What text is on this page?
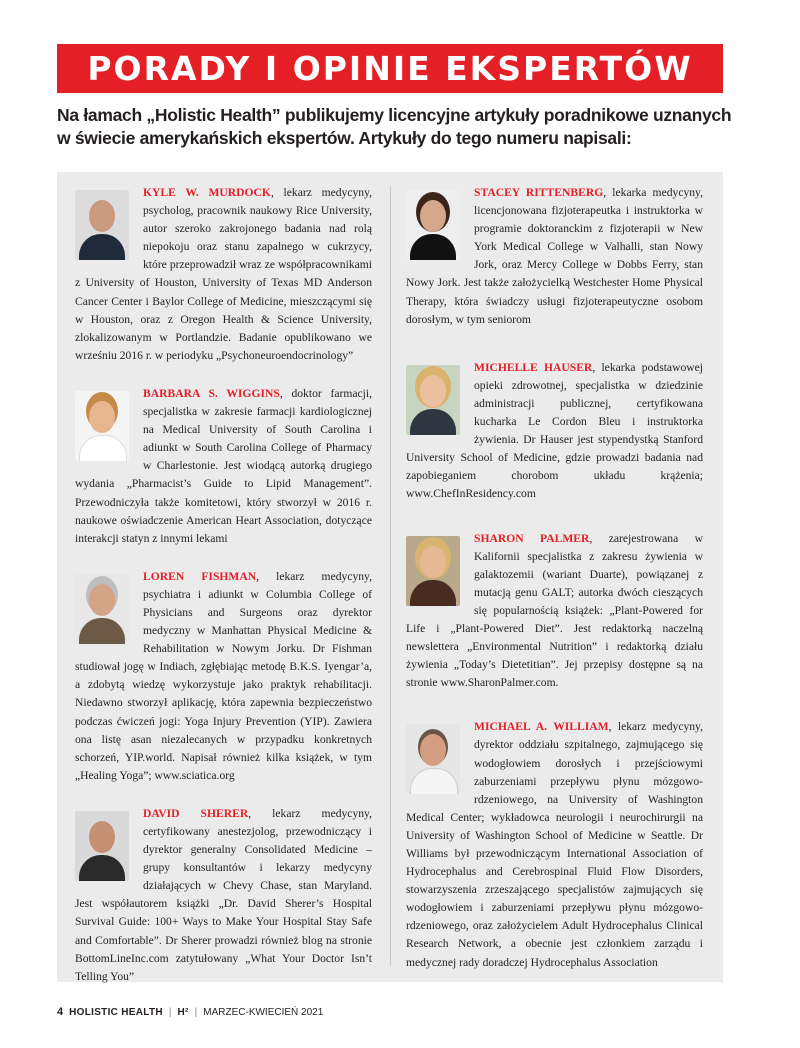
PORADY I OPINIE EKSPERTÓW
Na łamach „Holistic Health” publikujemy licencyjne artykuły poradnikowe uznanych w świecie amerykańskich ekspertów. Artykuły do tego numeru napisali:
KYLE W. MURDOCK, lekarz medycyny, psycholog, pracownik naukowy Rice University, autor szeroko zakrojonego badania nad rolą niepokoju oraz stanu zapalnego w cukrzycy, które przeprowadził wraz ze współpracownikami z University of Houston, University of Texas MD Anderson Cancer Center i Baylor College of Medicine, mieszczącymi się w Houston, oraz z Oregon Health & Science University, zlokalizowanym w Portlandzie. Badanie opublikowano we wrześniu 2016 r. w periodyku „Psychoneuroendocrinology”
BARBARA S. WIGGINS, doktor farmacji, specjalistka w zakresie farmacji kardiologicznej na Medical University of South Carolina i adiunkt w South Carolina College of Pharmacy w Charlestonie. Jest wiodącą autorką drugiego wydania „Pharmacist’s Guide to Lipid Management”. Przewodniczyła także komitetowi, który stworzył w 2016 r. naukowe oświadczenie American Heart Association, dotyczące interakcji statyn z innymi lekami
LOREN FISHMAN, lekarz medycyny, psychiatra i adiunkt w Columbia College of Physicians and Surgeons oraz dyrektor medyczny w Manhattan Physical Medicine & Rehabilitation w Nowym Jorku. Dr Fishman studiował jogę w Indiach, zgłębiając metodę B.K.S. Iyengar’a, a zdobytą wiedzę wykorzystuje jako praktyk rehabilitacji. Niedawno stworzył aplikację, która zapewnia bezpieczeństwo podczas ćwiczeń jogi: Yoga Injury Prevention (YIP). Zawiera ona listę asan niezalecanych w przypadku konkretnych schorzeń, YIP.world. Napisał również kilka książek, w tym „Healing Yoga”; www.sciatica.org
DAVID SHERER, lekarz medycyny, certyfikowany anestezjolog, przewodniczący i dyrektor generalny Consolidated Medicine – grupy konsultantów i lekarzy medycyny działających w Chevy Chase, stan Maryland. Jest współautorem książki „Dr. David Sherer’s Hospital Survival Guide: 100+ Ways to Make Your Hospital Stay Safe and Comfortable”. Dr Sherer prowadzi również blog na stronie BottomLineInc.com zatytułowany „What Your Doctor Isn’t Telling You”
STACEY RITTENBERG, lekarka medycyny, licencjonowana fizjoterapeutka i instruktorka w programie doktoranckim z fizjoterapii w New York Medical College w Valhalli, stan Nowy Jork, oraz Mercy College w Dobbs Ferry, stan Nowy Jork. Jest także założycielką Westchester Home Physical Therapy, która świadczy usługi fizjoterapeutyczne osobom dorosłym, w tym seniorom
MICHELLE HAUSER, lekarka podstawowej opieki zdrowotnej, specjalistka w dziedzinie administracji publicznej, certyfikowana kucharka Le Cordon Bleu i instruktorka żywienia. Dr Hauser jest stypendystką Stanford University School of Medicine, gdzie prowadzi badania nad zapobieganiem chorobom układu krążenia; www.ChefInResidency.com
SHARON PALMER, zarejestrowana w Kalifornii specjalistka z zakresu żywienia w galaktozemii (wariant Duarte), powiązanej z mutacją genu GALT; autorka dwóch cieszących się popularnością książek: „Plant-Powered for Life i „Plant-Powered Diet”. Jest redaktorką naczelną newslettera „Environmental Nutrition” i redaktorką działu żywienia „Today’s Dietetitian”. Jej przepisy dostępne są na stronie www.SharonPalmer.com.
MICHAEL A. WILLIAM, lekarz medycyny, dyrektor oddziału szpitalnego, zajmującego się wodogłowiem dorosłych i przejściowymi zaburzeniami przepływu płynu mózgowo-rdzeniowego, na University of Washington Medical Center; wykładowca neurologii i neurochirurgii na University of Washington School of Medicine w Seattle. Dr Williams był przewodniczącym International Association of Hydrocephalus and Cerebrospinal Fluid Flow Disorders, stowarzyszenia zrzeszającego specjalistów zajmujących się wodogłowiem i zaburzeniami przepływu płynu mózgowo-rdzeniowego, oraz założycielem Adult Hydrocephalus Clinical Research Network, a obecnie jest członkiem zarządu i medycznej rady doradczej Hydrocephalus Association
4 HOLISTIC HEALTH | H² | MARZEC-KWIECIEŃ 2021
